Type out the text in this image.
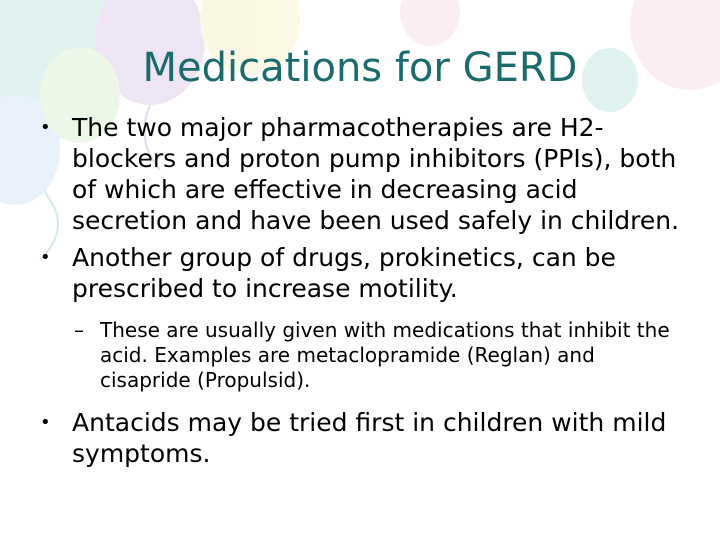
Medications for GERD
• The two major pharmacotherapies are H2-blockers and proton pump inhibitors (PPIs), both of which are effective in decreasing acid secretion and have been used safely in children.
• Another group of drugs, prokinetics, can be prescribed to increase motility.
– These are usually given with medications that inhibit the acid. Examples are metaclopramide (Reglan) and cisapride (Propulsid).
• Antacids may be tried first in children with mild symptoms.
